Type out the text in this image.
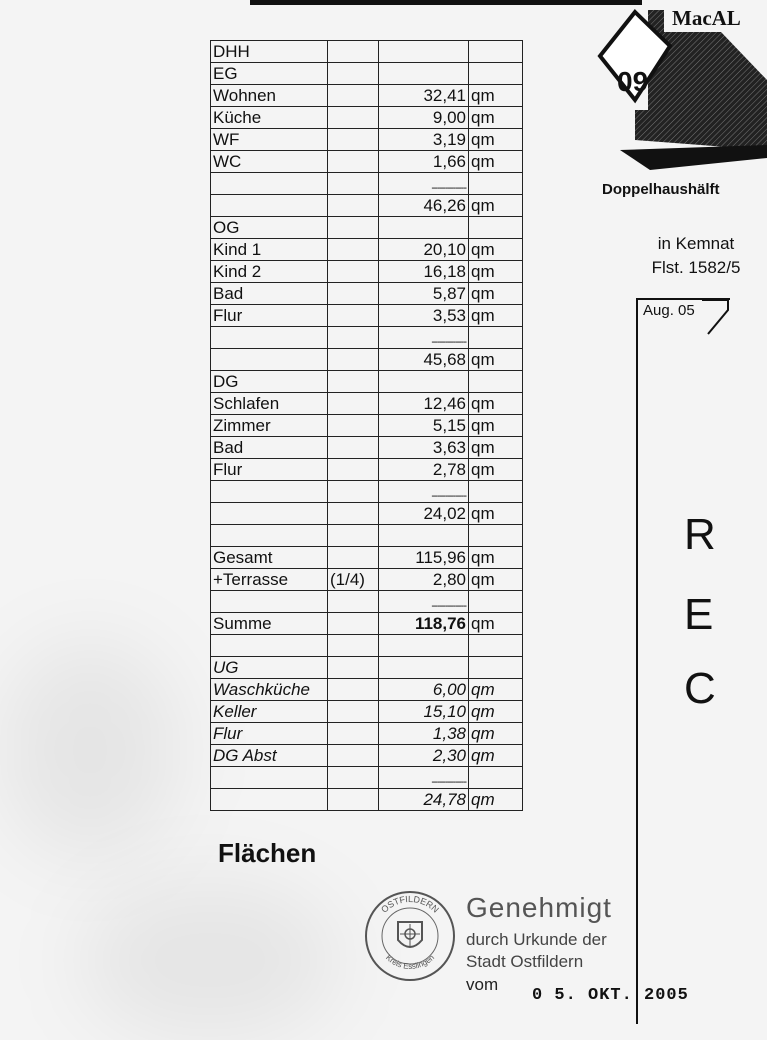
DHH			
EG			
Wohnen		32,41	qm
Küche		9,00	qm
WF		3,19	qm
WC		1,66	qm
		-------------	
		46,26	qm
OG			
Kind 1		20,10	qm
Kind 2		16,18	qm
Bad		5,87	qm
Flur		3,53	qm
		-------------	
		45,68	qm
DG			
Schlafen		12,46	qm
Zimmer		5,15	qm
Bad		3,63	qm
Flur		2,78	qm
		-------------	
		24,02	qm

Gesamt		115,96	qm
+Terrasse	(1/4)	2,80	qm
		-------------	
Summe		118,76	qm

UG			
Waschküche		6,00	qm
Keller		15,10	qm
Flur		1,38	qm
DG Abst		2,30	qm
		-------------	
		24,78	qm
Flächen
09
MacAL
Doppelhaushälft
in Kemnat
Flst. 1582/5
Aug. 05
R
E
C
OSTFILDERN
Kreis Esslingen
Genehmigt
durch Urkunde der
Stadt Ostfildern
vom
0 5. OKT. 2005
